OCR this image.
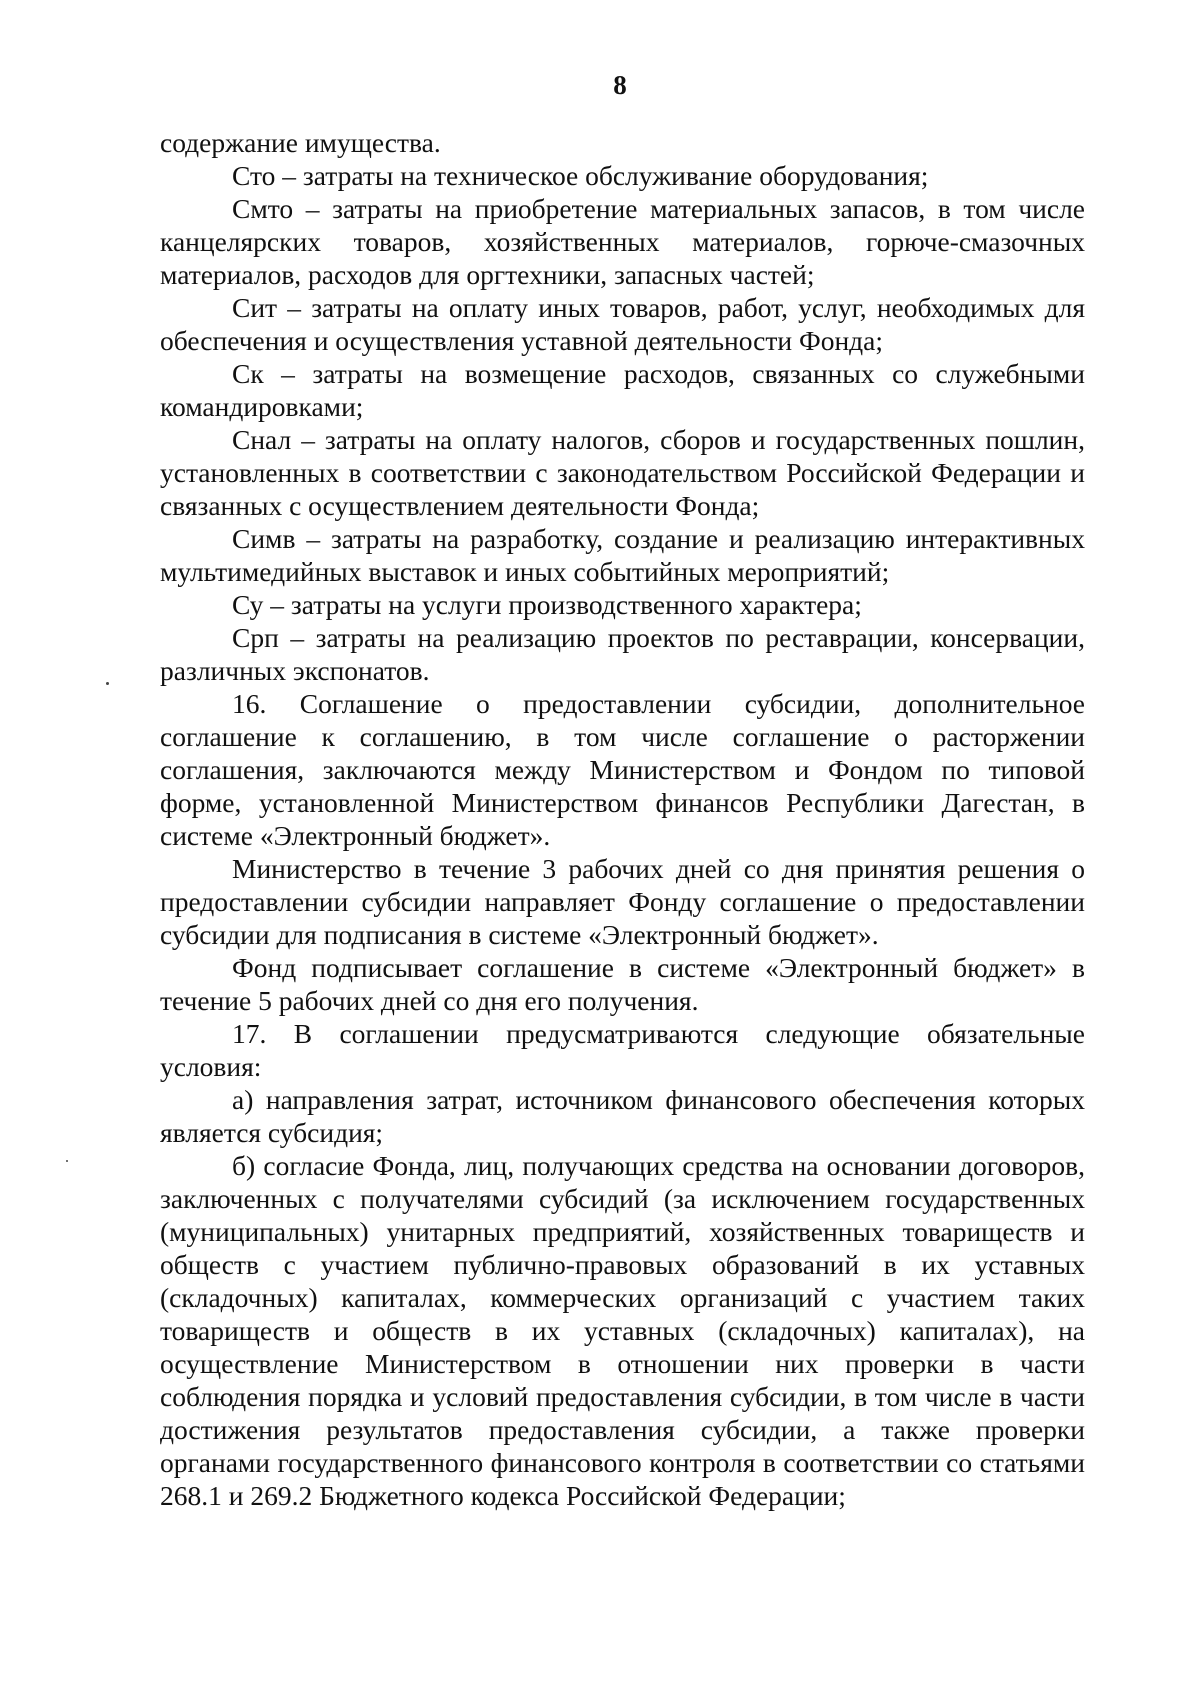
8

содержание имущества.

Сто – затраты на техническое обслуживание оборудования;

Смто – затраты на приобретение материальных запасов, в том числе канцелярских товаров, хозяйственных материалов, горюче-смазочных материалов, расходов для оргтехники, запасных частей;

Сит – затраты на оплату иных товаров, работ, услуг, необходимых для обеспечения и осуществления уставной деятельности Фонда;

Ск – затраты на возмещение расходов, связанных со служебными командировками;

Снал – затраты на оплату налогов, сборов и государственных пошлин, установленных в соответствии с законодательством Российской Федерации и связанных с осуществлением деятельности Фонда;

Симв – затраты на разработку, создание и реализацию интерактивных мультимедийных выставок и иных событийных мероприятий;

Су – затраты на услуги производственного характера;

Срп – затраты на реализацию проектов по реставрации, консервации, различных экспонатов.

16. Соглашение о предоставлении субсидии, дополнительное соглашение к соглашению, в том числе соглашение о расторжении соглашения, заключаются между Министерством и Фондом по типовой форме, установленной Министерством финансов Республики Дагестан, в системе «Электронный бюджет».

Министерство в течение 3 рабочих дней со дня принятия решения о предоставлении субсидии направляет Фонду соглашение о предоставлении субсидии для подписания в системе «Электронный бюджет».

Фонд подписывает соглашение в системе «Электронный бюджет» в течение 5 рабочих дней со дня его получения.

17. В соглашении предусматриваются следующие обязательные условия:

а) направления затрат, источником финансового обеспечения которых является субсидия;

б) согласие Фонда, лиц, получающих средства на основании договоров, заключенных с получателями субсидий (за исключением государственных (муниципальных) унитарных предприятий, хозяйственных товариществ и обществ с участием публично-правовых образований в их уставных (складочных) капиталах, коммерческих организаций с участием таких товариществ и обществ в их уставных (складочных) капиталах), на осуществление Министерством в отношении них проверки в части соблюдения порядка и условий предоставления субсидии, в том числе в части достижения результатов предоставления субсидии, а также проверки органами государственного финансового контроля в соответствии со статьями 268.1 и 269.2 Бюджетного кодекса Российской Федерации;
